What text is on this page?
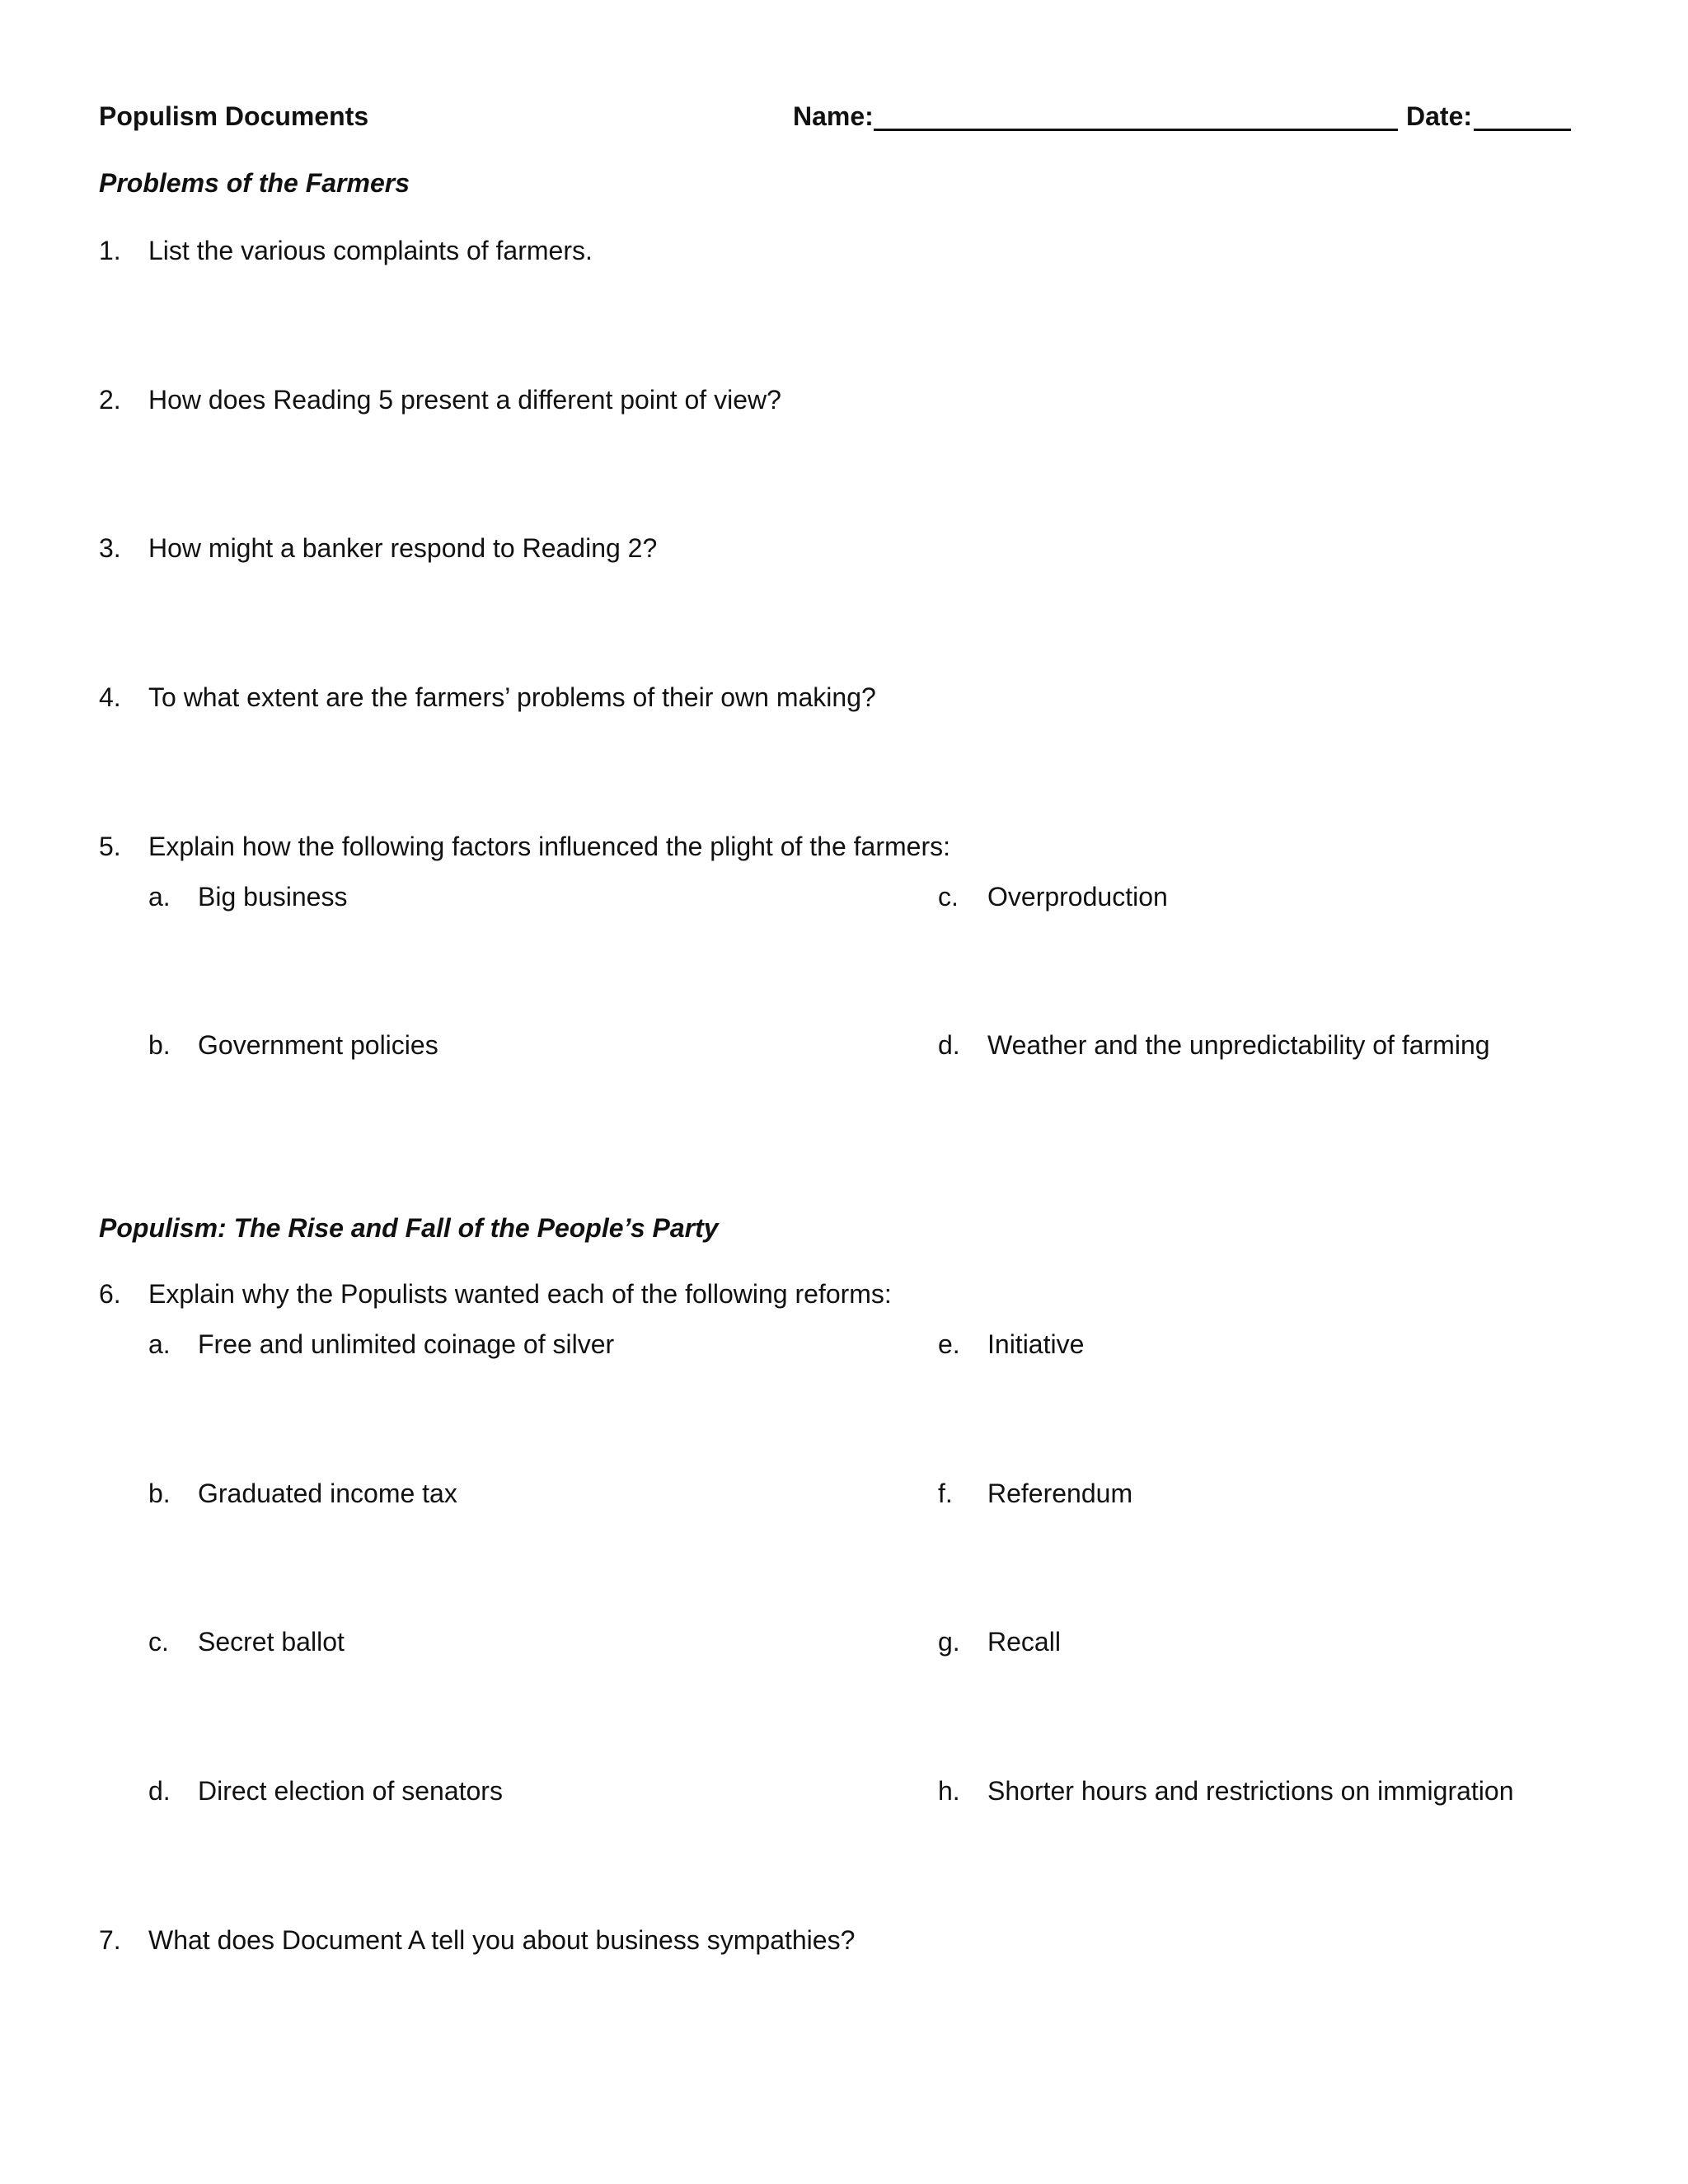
Populism Documents	Name:	Date:
Problems of the Farmers
1. List the various complaints of farmers.
2. How does Reading 5 present a different point of view?
3. How might a banker respond to Reading 2?
4. To what extent are the farmers’ problems of their own making?
5. Explain how the following factors influenced the plight of the farmers:
a. Big business	c. Overproduction
b. Government policies	d. Weather and the unpredictability of farming
Populism: The Rise and Fall of the People’s Party
6. Explain why the Populists wanted each of the following reforms:
a. Free and unlimited coinage of silver	e. Initiative
b. Graduated income tax	f. Referendum
c. Secret ballot	g. Recall
d. Direct election of senators	h. Shorter hours and restrictions on immigration
7. What does Document A tell you about business sympathies?
